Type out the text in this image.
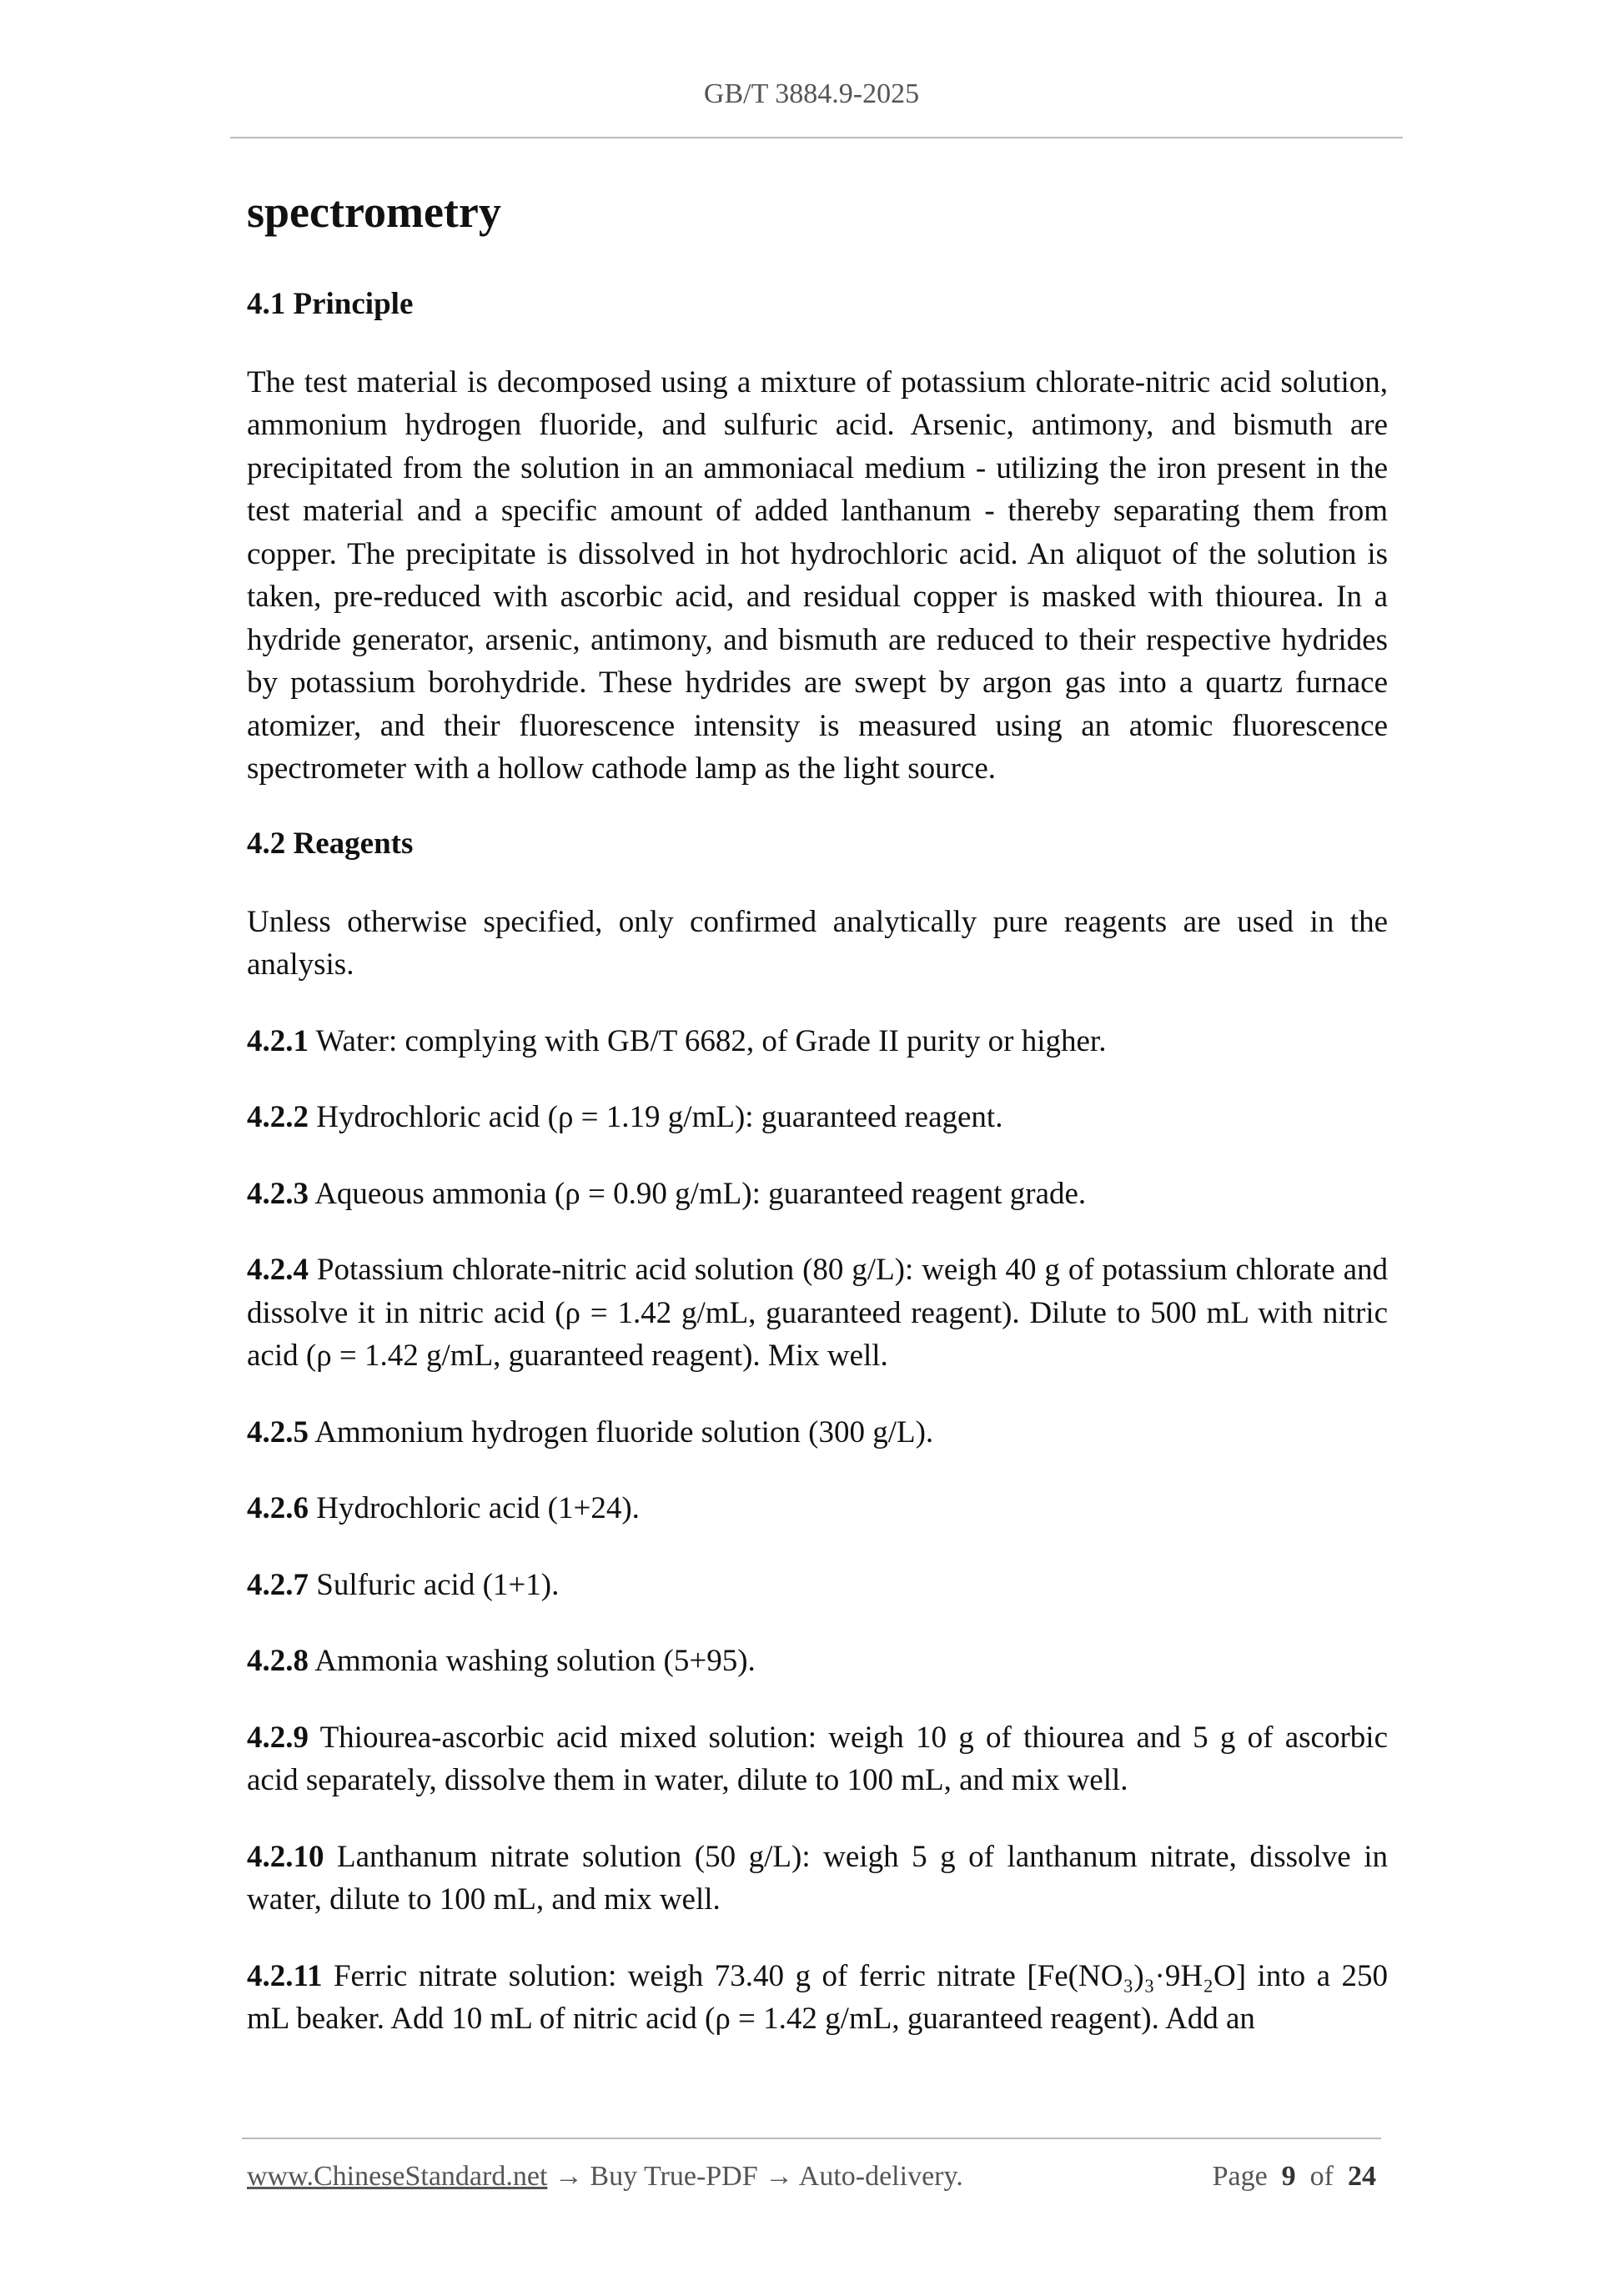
GB/T 3884.9-2025
spectrometry
4.1 Principle

The test material is decomposed using a mixture of potassium chlorate-nitric acid solution, ammonium hydrogen fluoride, and sulfuric acid. Arsenic, antimony, and bismuth are precipitated from the solution in an ammoniacal medium - utilizing the iron present in the test material and a specific amount of added lanthanum - thereby separating them from copper. The precipitate is dissolved in hot hydrochloric acid. An aliquot of the solution is taken, pre-reduced with ascorbic acid, and residual copper is masked with thiourea. In a hydride generator, arsenic, antimony, and bismuth are reduced to their respective hydrides by potassium borohydride. These hydrides are swept by argon gas into a quartz furnace atomizer, and their fluorescence intensity is measured using an atomic fluorescence spectrometer with a hollow cathode lamp as the light source.

4.2 Reagents

Unless otherwise specified, only confirmed analytically pure reagents are used in the analysis.

4.2.1 Water: complying with GB/T 6682, of Grade II purity or higher.

4.2.2 Hydrochloric acid (ρ = 1.19 g/mL): guaranteed reagent.

4.2.3 Aqueous ammonia (ρ = 0.90 g/mL): guaranteed reagent grade.

4.2.4 Potassium chlorate-nitric acid solution (80 g/L): weigh 40 g of potassium chlorate and dissolve it in nitric acid (ρ = 1.42 g/mL, guaranteed reagent). Dilute to 500 mL with nitric acid (ρ = 1.42 g/mL, guaranteed reagent). Mix well.

4.2.5 Ammonium hydrogen fluoride solution (300 g/L).

4.2.6 Hydrochloric acid (1+24).

4.2.7 Sulfuric acid (1+1).

4.2.8 Ammonia washing solution (5+95).

4.2.9 Thiourea-ascorbic acid mixed solution: weigh 10 g of thiourea and 5 g of ascorbic acid separately, dissolve them in water, dilute to 100 mL, and mix well.

4.2.10 Lanthanum nitrate solution (50 g/L): weigh 5 g of lanthanum nitrate, dissolve in water, dilute to 100 mL, and mix well.

4.2.11 Ferric nitrate solution: weigh 73.40 g of ferric nitrate [Fe(NO₃)₃·9H₂O] into a 250 mL beaker. Add 10 mL of nitric acid (ρ = 1.42 g/mL, guaranteed reagent). Add an

www.ChineseStandard.net → Buy True-PDF → Auto-delivery.	Page 9 of 24
